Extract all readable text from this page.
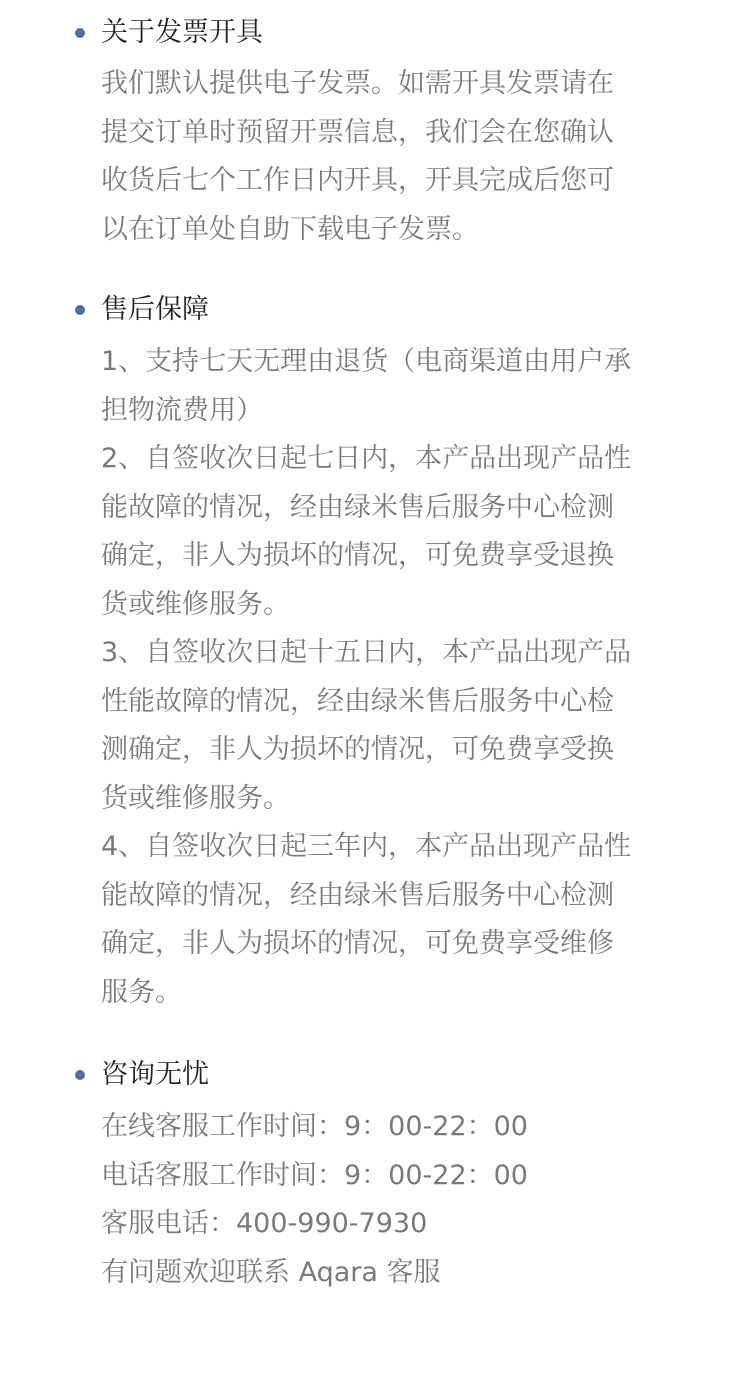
关于发票开具
我们默认提供电子发票。如需开具发票请在
提交订单时预留开票信息，我们会在您确认
收货后七个工作日内开具，开具完成后您可
以在订单处自助下载电子发票。
售后保障
1、支持七天无理由退货（电商渠道由用户承
担物流费用）
2、自签收次日起七日内，本产品出现产品性
能故障的情况，经由绿米售后服务中心检测
确定，非人为损坏的情况，可免费享受退换
货或维修服务。
3、自签收次日起十五日内，本产品出现产品
性能故障的情况，经由绿米售后服务中心检
测确定，非人为损坏的情况，可免费享受换
货或维修服务。
4、自签收次日起三年内，本产品出现产品性
能故障的情况，经由绿米售后服务中心检测
确定，非人为损坏的情况，可免费享受维修
服务。
咨询无忧
在线客服工作时间：9：00-22：00
电话客服工作时间：9：00-22：00
客服电话：400-990-7930
有问题欢迎联系 Aqara 客服
